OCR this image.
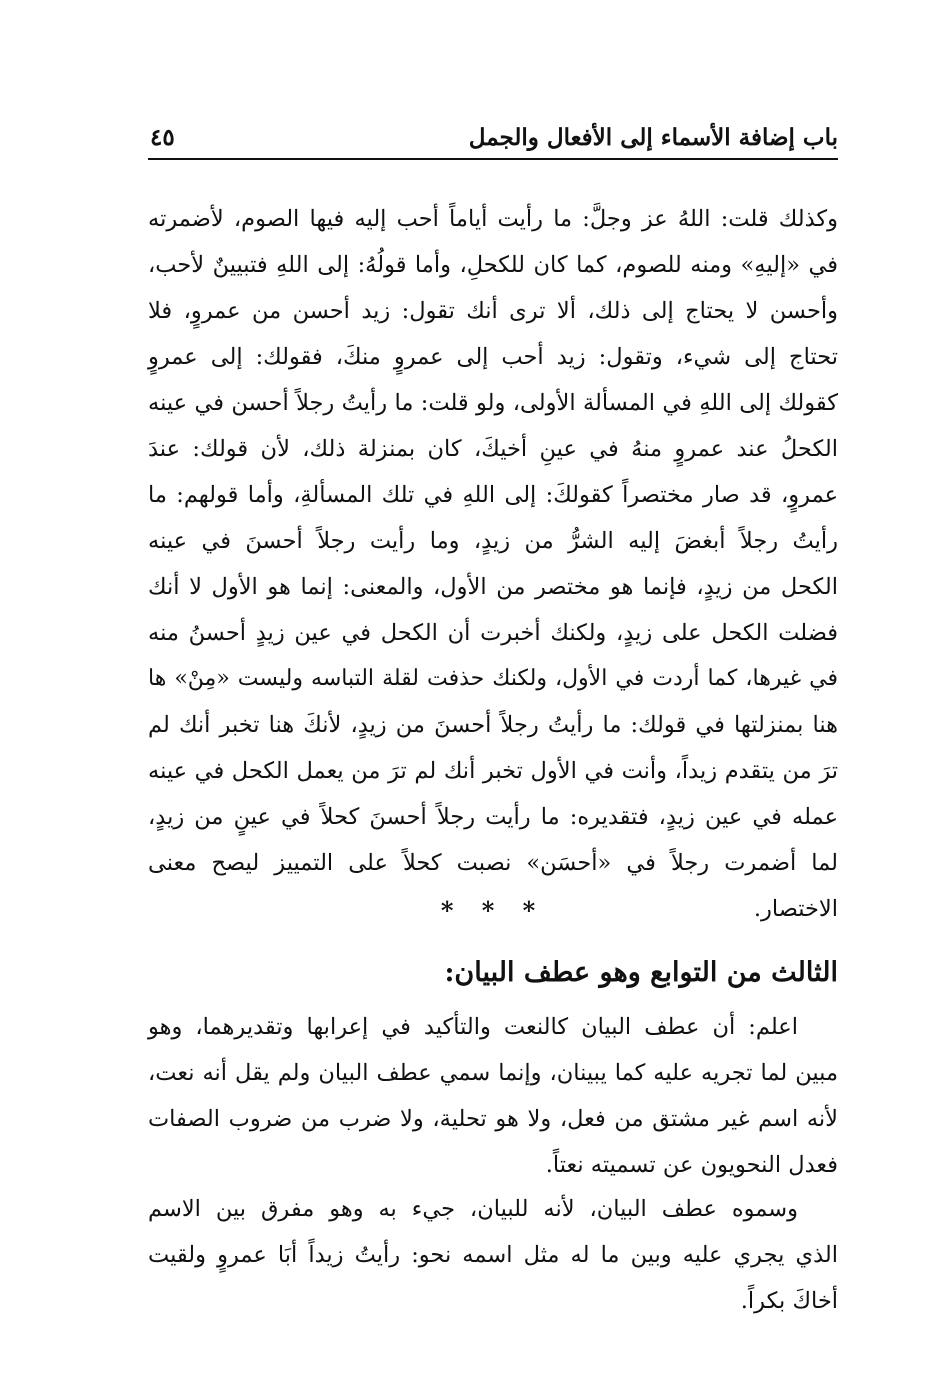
باب إضافة الأسماء إلى الأفعال والجمل
٤٥
وكذلك قلت: اللهُ عز وجلَّ: ما رأيت أياماً أحب إليه فيها الصوم، لأضمرته
في «إليهِ» ومنه للصوم، كما كان للكحلِ، وأما قولُهُ: إلى اللهِ فتبيينٌ لأحب،
وأحسن لا يحتاج إلى ذلك، ألا ترى أنك تقول: زيد أحسن من عمروٍ، فلا
تحتاج إلى شيء، وتقول: زيد أحب إلى عمروٍ منكَ، فقولك: إلى عمروٍ
كقولك إلى اللهِ في المسألة الأولى، ولو قلت: ما رأيتُ رجلاً أحسن في عينه
الكحلُ عند عمروٍ منهُ في عينِ أخيكَ، كان بمنزلة ذلك، لأن قولك: عندَ
عمروٍ، قد صار مختصراً كقولكَ: إلى اللهِ في تلك المسألةِ، وأما قولهم: ما
رأيتُ رجلاً أبغضَ إليه الشرُّ من زيدٍ، وما رأيت رجلاً أحسنَ في عينه
الكحل من زيدٍ، فإنما هو مختصر من الأول، والمعنى: إنما هو الأول لا أنك
فضلت الكحل على زيدٍ، ولكنك أخبرت أن الكحل في عين زيدٍ أحسنُ منه
في غيرها، كما أردت في الأول، ولكنك حذفت لقلة التباسه وليست «مِنْ» ها
هنا بمنزلتها في قولك: ما رأيتُ رجلاً أحسنَ من زيدٍ، لأنكَ هنا تخبر أنك لم
ترَ من يتقدم زيداً، وأنت في الأول تخبر أنك لم ترَ من يعمل الكحل في عينه
عمله في عين زيدٍ، فتقديره: ما رأيت رجلاً أحسنَ كحلاً في عينٍ من زيدٍ،
لما أضمرت رجلاً في «أحسَن» نصبت كحلاً على التمييز ليصح معنى
الاختصار.
* * *
الثالث من التوابع وهو عطف البيان:
اعلم: أن عطف البيان كالنعت والتأكيد في إعرابها وتقديرهما، وهو
مبين لما تجريه عليه كما يبينان، وإنما سمي عطف البيان ولم يقل أنه نعت،
لأنه اسم غير مشتق من فعل، ولا هو تحلية، ولا ضرب من ضروب الصفات
فعدل النحويون عن تسميته نعتاً.
وسموه عطف البيان، لأنه للبيان، جيء به وهو مفرق بين الاسم
الذي يجري عليه وبين ما له مثل اسمه نحو: رأيتُ زيداً أبَا عمروٍ ولقيت
أخاكَ بكراً.
